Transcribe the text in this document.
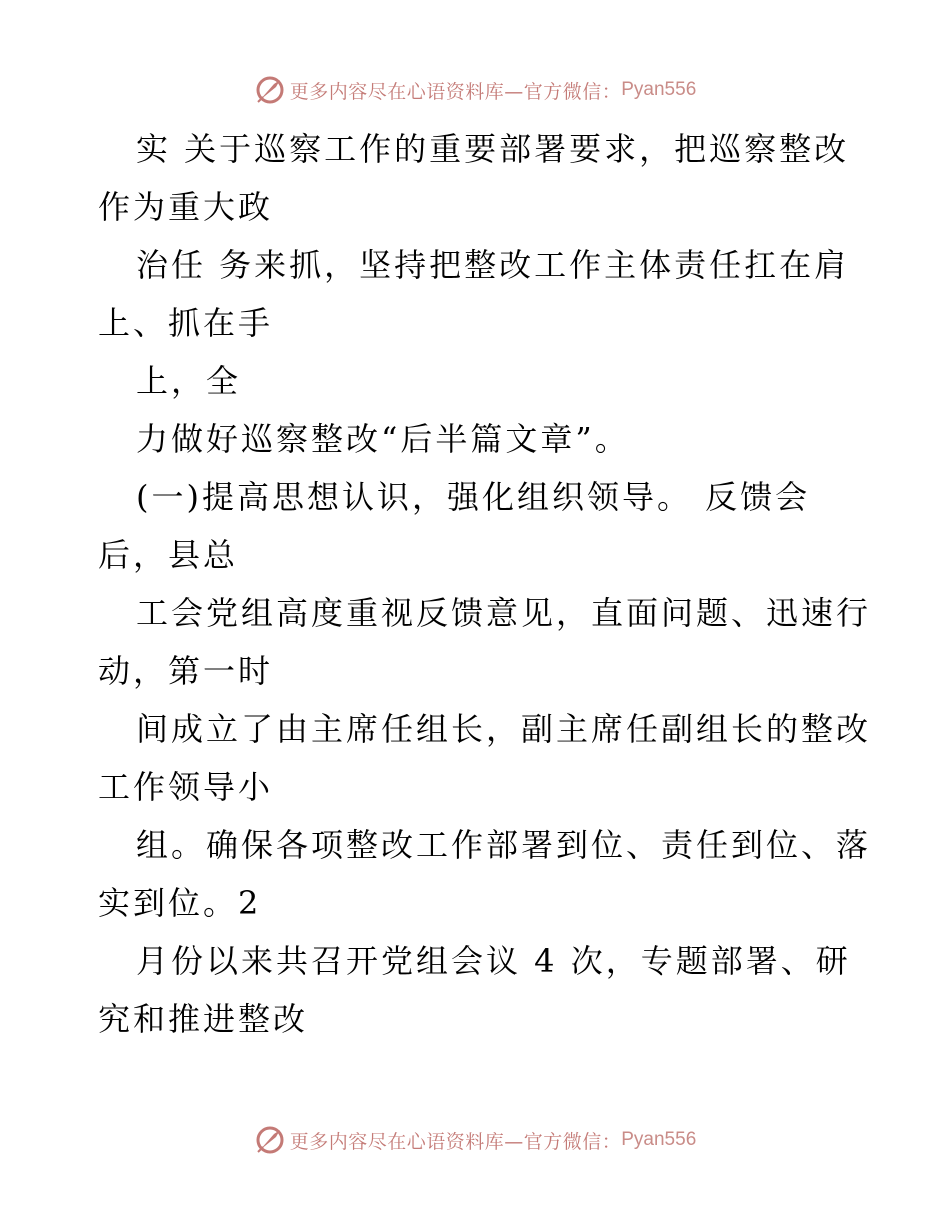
更多内容尽在心语资料库—官方微信： Pyan556
实 关于巡察工作的重要部署要求，把巡察整改
作为重大政
治任 务来抓，坚持把整改工作主体责任扛在肩
上、抓在手
上，全
力做好巡察整改“后半篇文章”。
(一)提高思想认识，强化组织领导。 反馈会
后，县总
工会党组高度重视反馈意见，直面问题、迅速行
动，第一时
间成立了由主席任组长，副主席任副组长的整改
工作领导小
组。确保各项整改工作部署到位、责任到位、落
实到位。2
月份以来共召开党组会议 4 次，专题部署、研
究和推进整改
更多内容尽在心语资料库—官方微信： Pyan556
